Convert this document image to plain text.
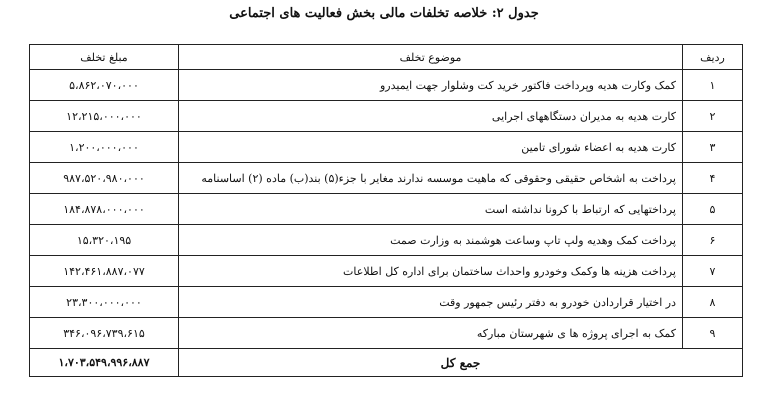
جدول ۲: خلاصه تخلفات مالی بخش فعالیت های اجتماعی
ردیف	موضوع تخلف	مبلغ تخلف
۱	کمک وکارت هدیه وپرداخت فاکتور خرید کت وشلوار جهت ایمیدرو	۵،۸۶۲،۰۷۰،۰۰۰
۲	کارت هدیه به مدیران دستگاههای اجرایی	۱۲،۲۱۵،۰۰۰،۰۰۰
۳	کارت هدیه به اعضاء شورای تامین	۱،۲۰۰،۰۰۰،۰۰۰
۴	پرداخت به اشخاص حقیقی وحقوقی که ماهیت موسسه ندارند مغایر با جزء(۵) بند(ب) ماده (۲) اساسنامه	۹۸۷،۵۲۰،۹۸۰،۰۰۰
۵	پرداختهایی که ارتباط با کرونا نداشته است	۱۸۴،۸۷۸،۰۰۰،۰۰۰
۶	پرداخت کمک وهدیه ولپ تاپ وساعت هوشمند به وزارت صمت	۱۵،۳۲۰،۱۹۵
۷	پرداخت هزینه ها وکمک وخودرو واحداث ساختمان برای اداره کل اطلاعات	۱۴۲،۴۶۱،۸۸۷،۰۷۷
۸	در اختیار قراردادن خودرو به دفتر رئیس جمهور وقت	۲۳،۳۰۰،۰۰۰،۰۰۰
۹	کمک به اجرای پروژه ها ی شهرستان مبارکه	۳۴۶،۰۹۶،۷۳۹،۶۱۵
جمع کل		۱،۷۰۳،۵۴۹،۹۹۶،۸۸۷
